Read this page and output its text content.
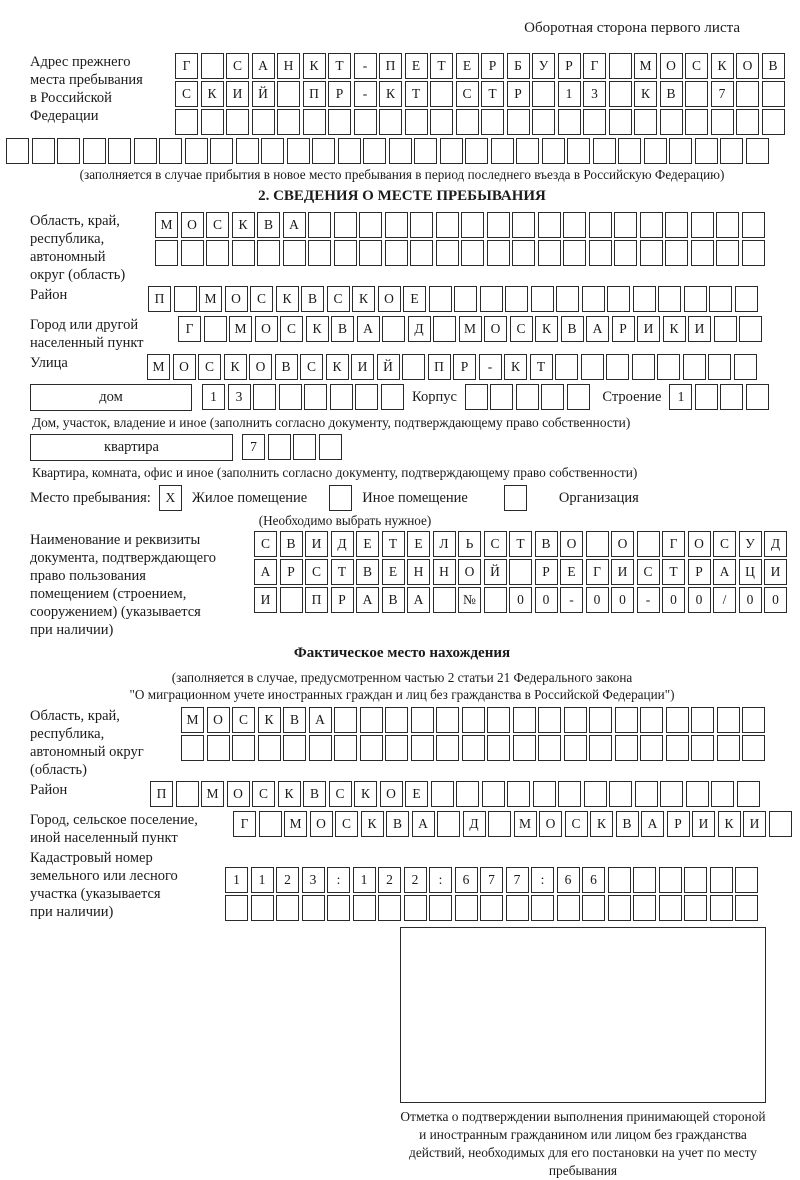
Оборотная сторона первого листа
Адрес прежнего
места пребывания
в Российской
Федерации
Г	С	А	Н	К	Т	-	П	Е	Т	Е	Р	Б	У	Р	Г	М	О	С	К	О	В
С	К	И	Й	П	Р	-	К	Т	С	Т	Р	1	3	К	В	7
(заполняется в случае прибытия в новое место пребывания в период последнего въезда в Российскую Федерацию)
2. СВЕДЕНИЯ О МЕСТЕ ПРЕБЫВАНИЯ
Область, край,
республика,
автономный
округ (область)
М	О	С	К	В	А
Район	П	М	О	С	К	В	С	К	О	Е
Город или другой
населенный пункт
Г	М	О	С	К	В	А	Д	М	О	С	К	В	А	Р	И	К	И
Улица	М	О	С	К	О	В	С	К	И	Й	П	Р	-	К	Т
дом	1	3	Корпус	Строение	1
Дом, участок, владение и иное (заполнить согласно документу, подтверждающему право собственности)
квартира	7
Квартира, комната, офис и иное (заполнить согласно документу, подтверждающему право собственности)
Место пребывания:	X	Жилое помещение	Иное помещение	Организация
(Необходимо выбрать нужное)
Наименование и реквизиты
документа, подтверждающего
право пользования
помещением (строением,
сооружением) (указывается
при наличии)
С	В	И	Д	Е	Т	Е	Л	Ь	С	Т	В	О	О	Г	О	С	У	Д
А	Р	С	Т	В	Е	Н	Н	О	Й	Р	Е	Г	И	С	Т	Р	А	Ц	И
И	П	Р	А	В	А	№	0	0	-	0	0	-	0	0	/	0	0
Фактическое место нахождения
(заполняется в случае, предусмотренном частью 2 статьи 21 Федерального закона
"О миграционном учете иностранных граждан и лиц без гражданства в Российской Федерации")
Область, край,
республика,
автономный округ
(область)
М	О	С	К	В	А
Район	П	М	О	С	К	В	С	К	О	Е
Город, сельское поселение,
иной населенный пункт
Г	М	О	С	К	В	А	Д	М	О	С	К	В	А	Р	И	К	И
Кадастровый номер
земельного или лесного
участка (указывается
при наличии)
1	1	2	3	:	1	2	2	:	6	7	7	:	6	6
Отметка о подтверждении выполнения принимающей стороной и иностранным гражданином или лицом без гражданства действий, необходимых для его постановки на учет по месту пребывания
